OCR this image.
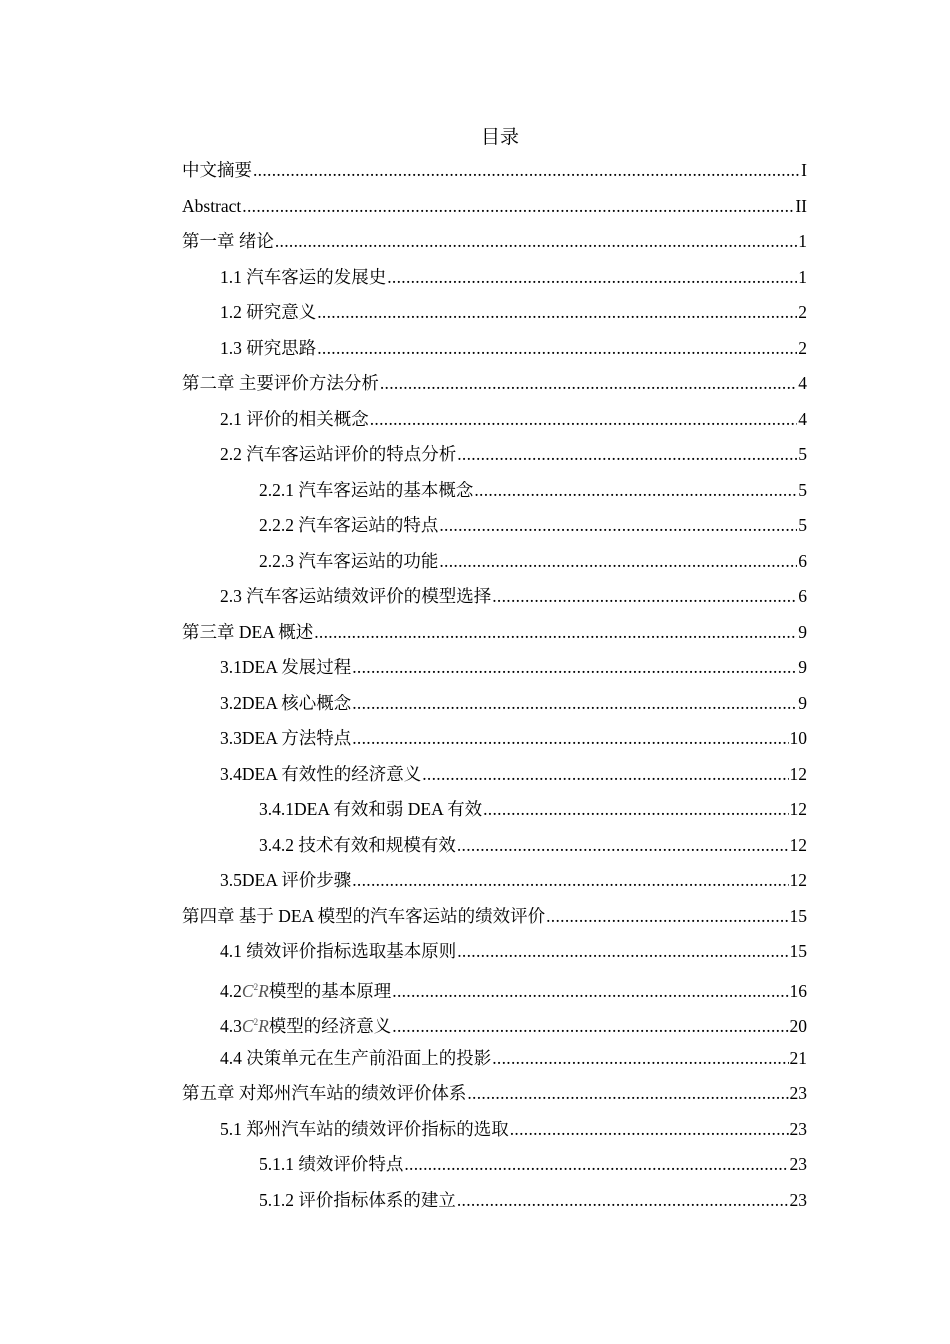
目录
中文摘要 .....	I
Abstract .....	II
第一章 绪论 .....	1
1.1 汽车客运的发展史 .....	1
1.2 研究意义 .....	2
1.3 研究思路 .....	2
第二章 主要评价方法分析 .....	4
2.1 评价的相关概念 .....	4
2.2 汽车客运站评价的特点分析 .....	5
2.2.1 汽车客运站的基本概念 .....	5
2.2.2 汽车客运站的特点 .....	5
2.2.3 汽车客运站的功能 .....	6
2.3 汽车客运站绩效评价的模型选择 .....	6
第三章 DEA 概述 .....	9
3.1DEA 发展过程 .....	9
3.2DEA 核心概念 .....	9
3.3DEA 方法特点 .....	10
3.4DEA 有效性的经济意义 .....	12
3.4.1DEA 有效和弱 DEA 有效 .....	12
3.4.2 技术有效和规模有效 .....	12
3.5DEA 评价步骤 .....	12
第四章 基于 DEA 模型的汽车客运站的绩效评价 .....	15
4.1 绩效评价指标选取基本原则 .....	15
$4.2C^2R$模型的基本原理 .....	16
$4.3C^2R$模型的经济意义 .....	20
4.4 决策单元在生产前沿面上的投影 .....	21
第五章 对郑州汽车站的绩效评价体系 .....	23
5.1 郑州汽车站的绩效评价指标的选取 .....	23
5.1.1 绩效评价特点 .....	23
5.1.2 评价指标体系的建立 .....	23
